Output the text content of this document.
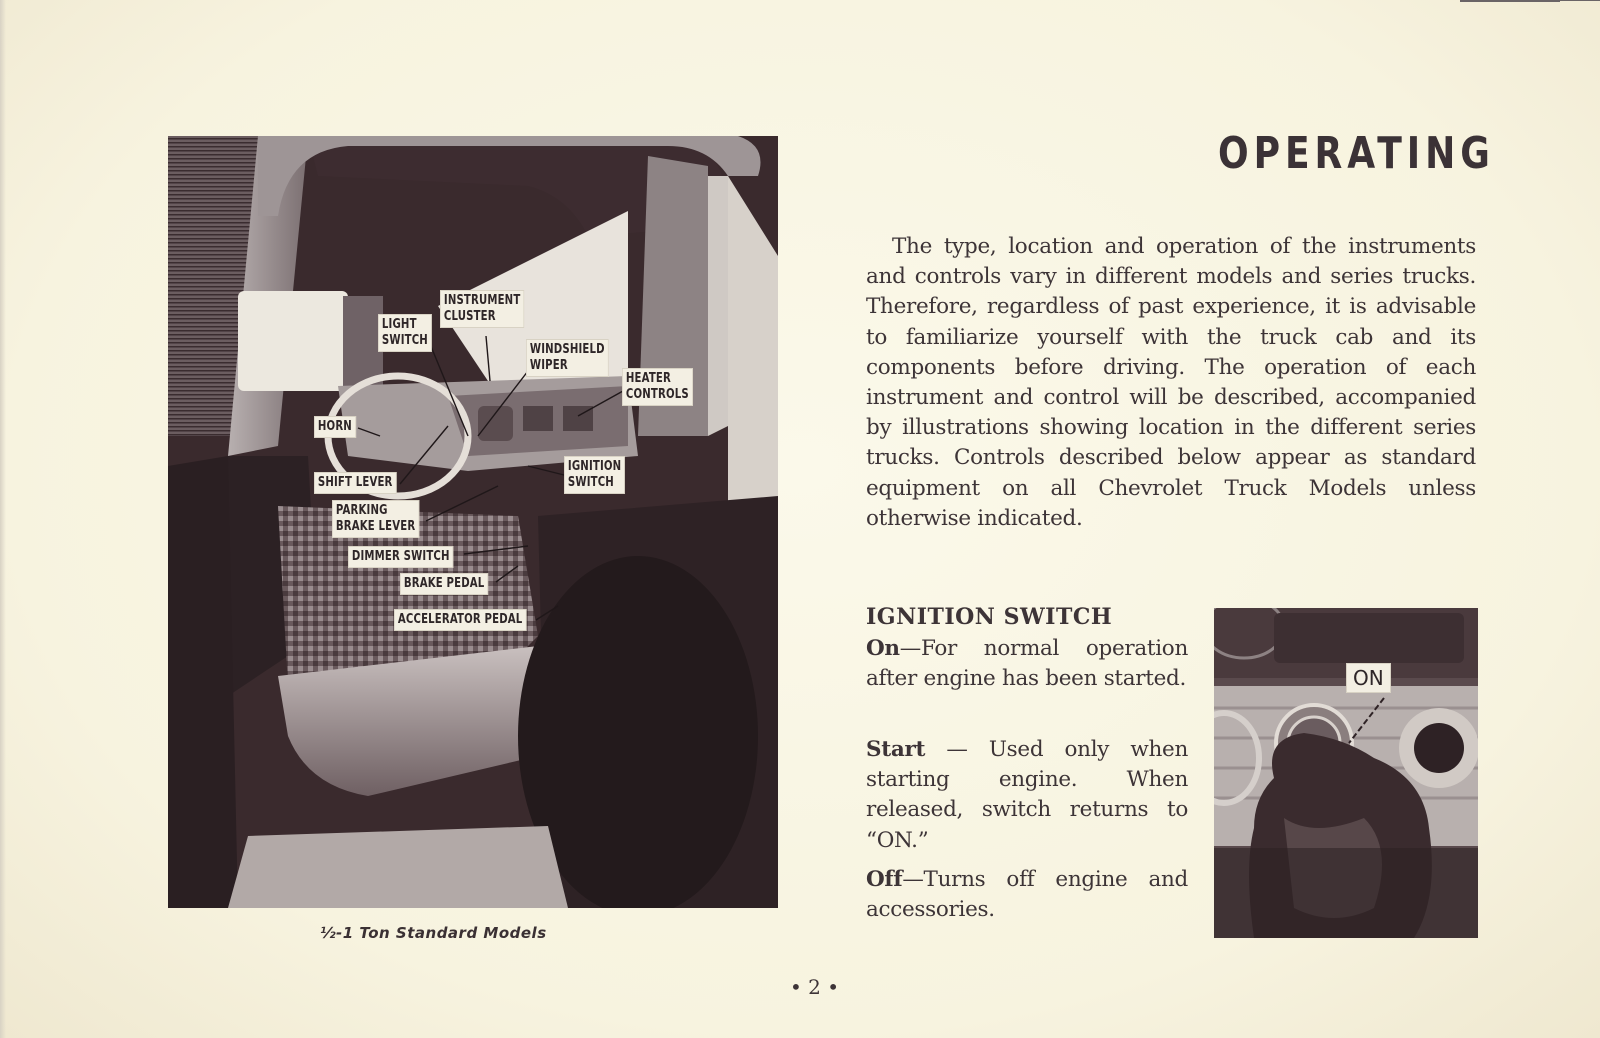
LIGHT
SWITCH
INSTRUMENT
CLUSTER
WINDSHIELD
WIPER
HEATER
CONTROLS
HORN
IGNITION
SWITCH
SHIFT LEVER
PARKING
BRAKE LEVER
DIMMER SWITCH
BRAKE PEDAL
ACCELERATOR PEDAL
½-1 Ton Standard Models
OPERATING
The type, location and operation of the instruments and controls vary in different models and series trucks. Therefore, regardless of past experience, it is advisable to familiarize yourself with the truck cab and its components before driving. The operation of each instrument and control will be described, accompanied by illustrations showing location in the different series trucks. Controls described below appear as standard equipment on all Chevrolet Truck Models unless otherwise indicated.
IGNITION SWITCH
On—For normal operation after engine has been started.
Start — Used only when starting engine. When released, switch returns to “ON.”
Off—Turns off engine and accessories.
ON
• 2 •
